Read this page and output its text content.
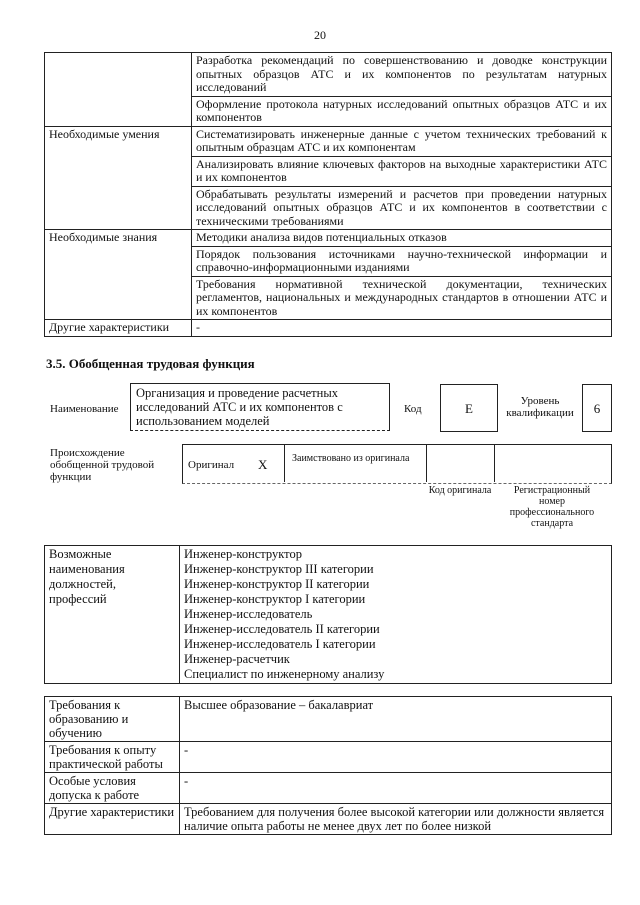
20
	Разработка рекомендаций по совершенствованию и доводке конструкции опытных образцов АТС и их компонентов по результатам натурных исследований
	Оформление протокола натурных исследований опытных образцов АТС и их компонентов
Необходимые умения	Систематизировать инженерные данные с учетом технических требований к опытным образцам АТС и их компонентам
	Анализировать влияние ключевых факторов на выходные характеристики АТС и их компонентов
	Обрабатывать результаты измерений и расчетов при проведении натурных исследований опытных образцов АТС и их компонентов в соответствии с техническими требованиями
Необходимые знания	Методики анализа видов потенциальных отказов
	Порядок пользования источниками научно-технической информации и справочно-информационными изданиями
	Требования нормативной технической документации, технических регламентов, национальных и международных стандартов в отношении АТС и их компонентов
Другие характеристики	-
3.5. Обобщенная трудовая функция
Наименование
Организация и проведение расчетных исследований АТС и их компонентов с использованием моделей
Код	E	Уровень квалификации	6
Происхождение обобщенной трудовой функции
Оригинал X Заимствовано из оригинала
Код оригинала	Регистрационный номер профессионального стандарта
Возможные наименования должностей, профессий	
Инженер-конструктор
Инженер-конструктор III категории
Инженер-конструктор II категории
Инженер-конструктор I категории
Инженер-исследователь
Инженер-исследователь II категории
Инженер-исследователь I категории
Инженер-расчетчик
Специалист по инженерному анализу
Требования к образованию и обучению	Высшее образование – бакалавриат
Требования к опыту практической работы	-
Особые условия допуска к работе	-
Другие характеристики	Требованием для получения более высокой категории или должности является наличие опыта работы не менее двух лет по более низкой
